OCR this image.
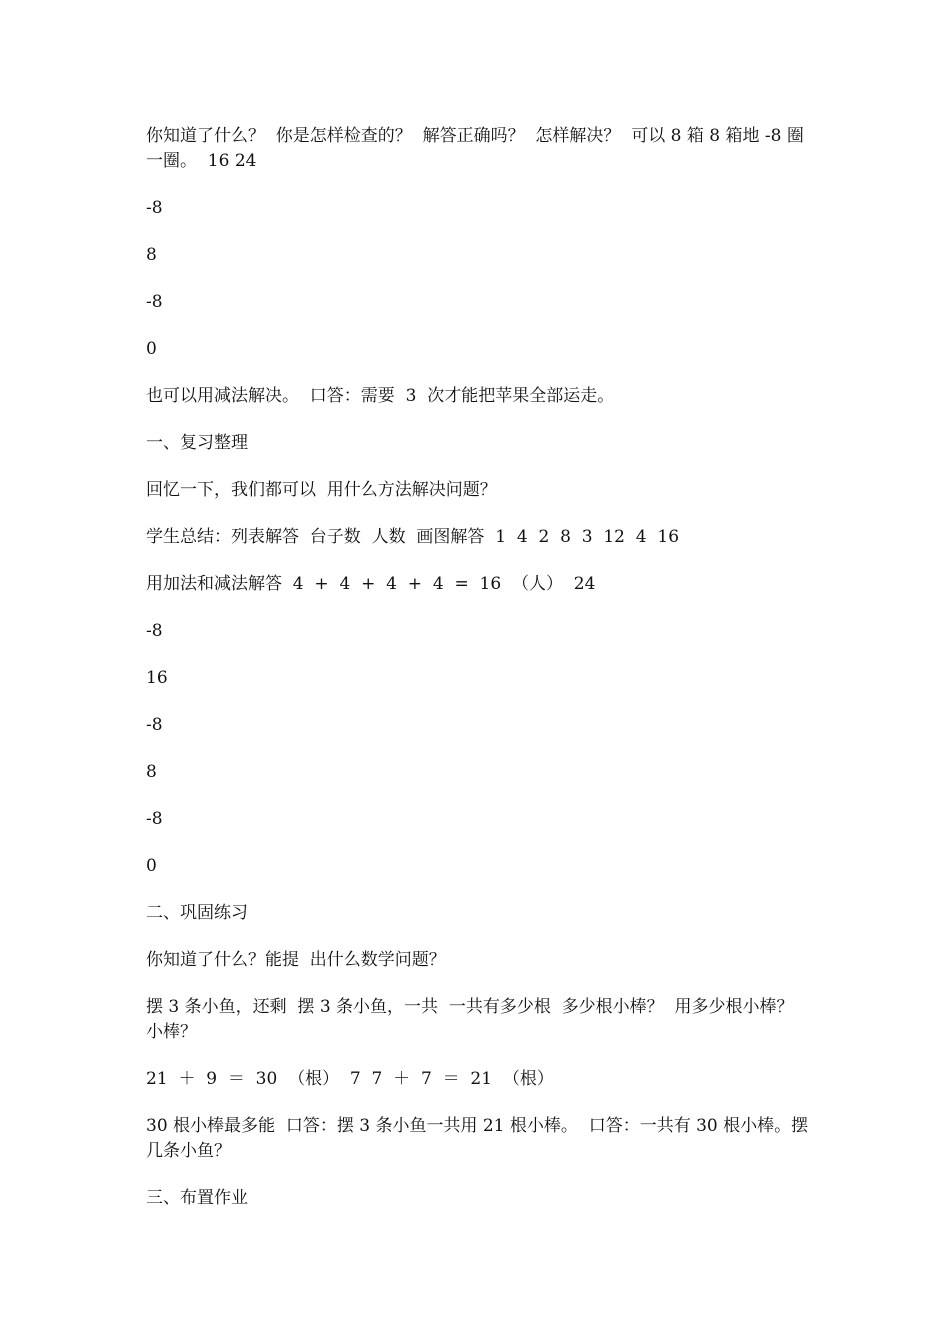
你知道了什么？  你是怎样检查的？  解答正确吗？  怎样解决？  可以 8 箱 8 箱地 -8 圈一圈。  16 24

-8

8

-8

0

也可以用减法解决。  口答：需要  3  次才能把苹果全部运走。

一、复习整理

回忆一下，我们都可以  用什么方法解决问题？

学生总结：列表解答  台子数  人数  画图解答  1  4  2  8  3  12  4  16

用加法和减法解答  4  +  4  +  4  +  4  =  16  （人）  24

-8

16

-8

8

-8

0

二、巩固练习

你知道了什么？能提  出什么数学问题？

摆 3 条小鱼，还剩  摆 3 条小鱼，一共  一共有多少根  多少根小棒？  用多少根小棒？  小棒？

21  ＋  9  ＝  30  （根）  7  7  ＋  7  ＝  21  （根）

30 根小棒最多能  口答：摆 3 条小鱼一共用 21 根小棒。  口答：一共有 30 根小棒。摆几条小鱼？

三、布置作业
